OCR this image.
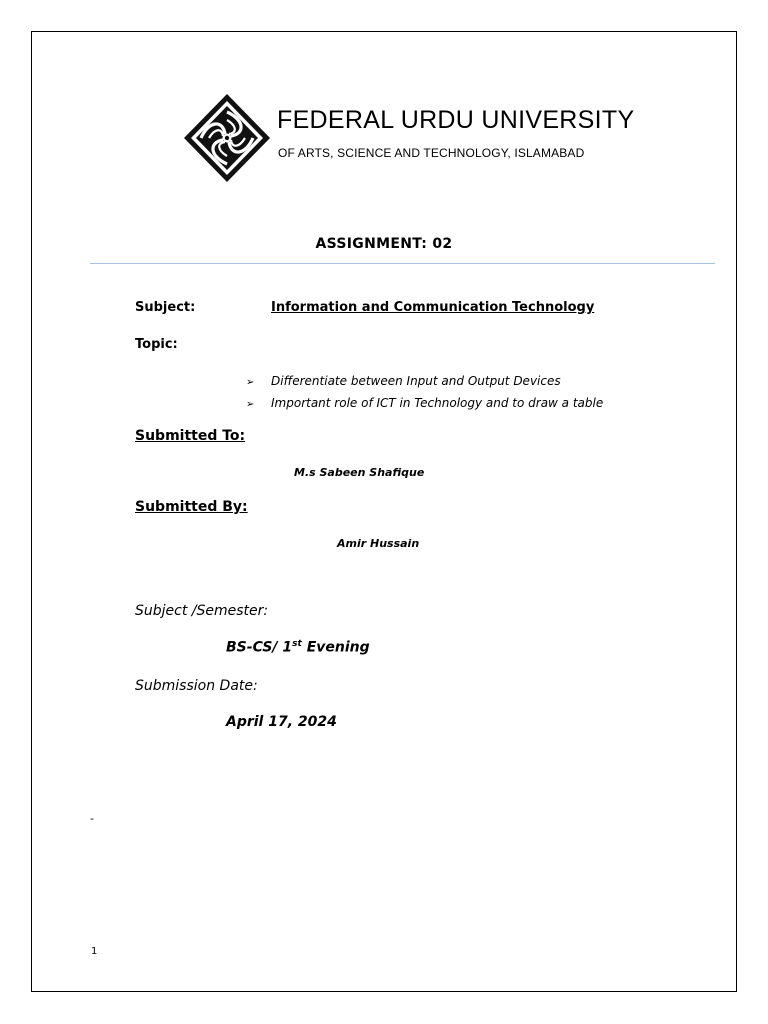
FEDERAL URDU UNIVERSITY
OF ARTS, SCIENCE AND TECHNOLOGY, ISLAMABAD
ASSIGNMENT: 02
Subject:	Information and Communication Technology
Topic:
➢ Differentiate between Input and Output Devices
➢ Important role of ICT in Technology and to draw a table
Submitted To:
M.s Sabeen Shafique
Submitted By:
Amir Hussain
Subject /Semester:
BS-CS/ 1st Evening
Submission Date:
April 17, 2024
-
1
